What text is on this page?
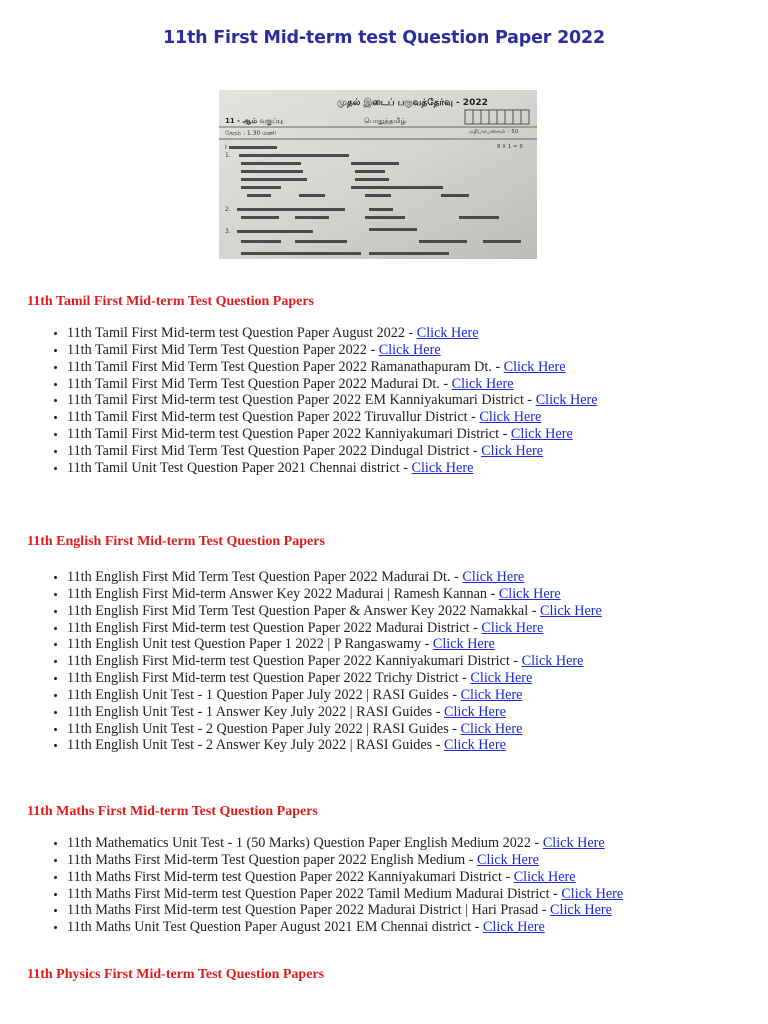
11th First Mid-term test Question Paper 2022
முதல் இடைப் பருவத்தேர்வு - 2022
11 - ஆம் வகுப்பு	பொதுத்தமிழ்
நேரம் : 1.30 மணி	மதிப்பெண்கள் : 50
8 X 1 = 8
I
1.
2.
3.
11th Tamil First Mid-term Test Question Papers
• 11th Tamil First Mid-term test Question Paper August 2022 - Click Here
• 11th Tamil First Mid Term Test Question Paper 2022 - Click Here
• 11th Tamil First Mid Term Test Question Paper 2022 Ramanathapuram Dt. - Click Here
• 11th Tamil First Mid Term Test Question Paper 2022 Madurai Dt. - Click Here
• 11th Tamil First Mid-term test Question Paper 2022 EM Kanniyakumari District - Click Here
• 11th Tamil First Mid-term test Question Paper 2022 Tiruvallur District - Click Here
• 11th Tamil First Mid-term test Question Paper 2022 Kanniyakumari District - Click Here
• 11th Tamil First Mid Term Test Question Paper 2022 Dindugal District - Click Here
• 11th Tamil Unit Test Question Paper 2021 Chennai district - Click Here
11th English First Mid-term Test Question Papers
• 11th English First Mid Term Test Question Paper 2022 Madurai Dt. - Click Here
• 11th English First Mid-term Answer Key 2022 Madurai | Ramesh Kannan - Click Here
• 11th English First Mid Term Test Question Paper & Answer Key 2022 Namakkal - Click Here
• 11th English First Mid-term test Question Paper 2022 Madurai District - Click Here
• 11th English Unit test Question Paper 1 2022 | P Rangaswamy - Click Here
• 11th English First Mid-term test Question Paper 2022 Kanniyakumari District - Click Here
• 11th English First Mid-term test Question Paper 2022 Trichy District - Click Here
• 11th English Unit Test - 1 Question Paper July 2022 | RASI Guides - Click Here
• 11th English Unit Test - 1 Answer Key July 2022 | RASI Guides - Click Here
• 11th English Unit Test - 2 Question Paper July 2022 | RASI Guides - Click Here
• 11th English Unit Test - 2 Answer Key July 2022 | RASI Guides - Click Here
11th Maths First Mid-term Test Question Papers
• 11th Mathematics Unit Test - 1 (50 Marks) Question Paper English Medium 2022 - Click Here
• 11th Maths First Mid-term Test Question paper 2022 English Medium - Click Here
• 11th Maths First Mid-term test Question Paper 2022 Kanniyakumari District - Click Here
• 11th Maths First Mid-term test Question Paper 2022 Tamil Medium Madurai District - Click Here
• 11th Maths First Mid-term test Question Paper 2022 Madurai District | Hari Prasad - Click Here
• 11th Maths Unit Test Question Paper August 2021 EM Chennai district - Click Here
11th Physics First Mid-term Test Question Papers
